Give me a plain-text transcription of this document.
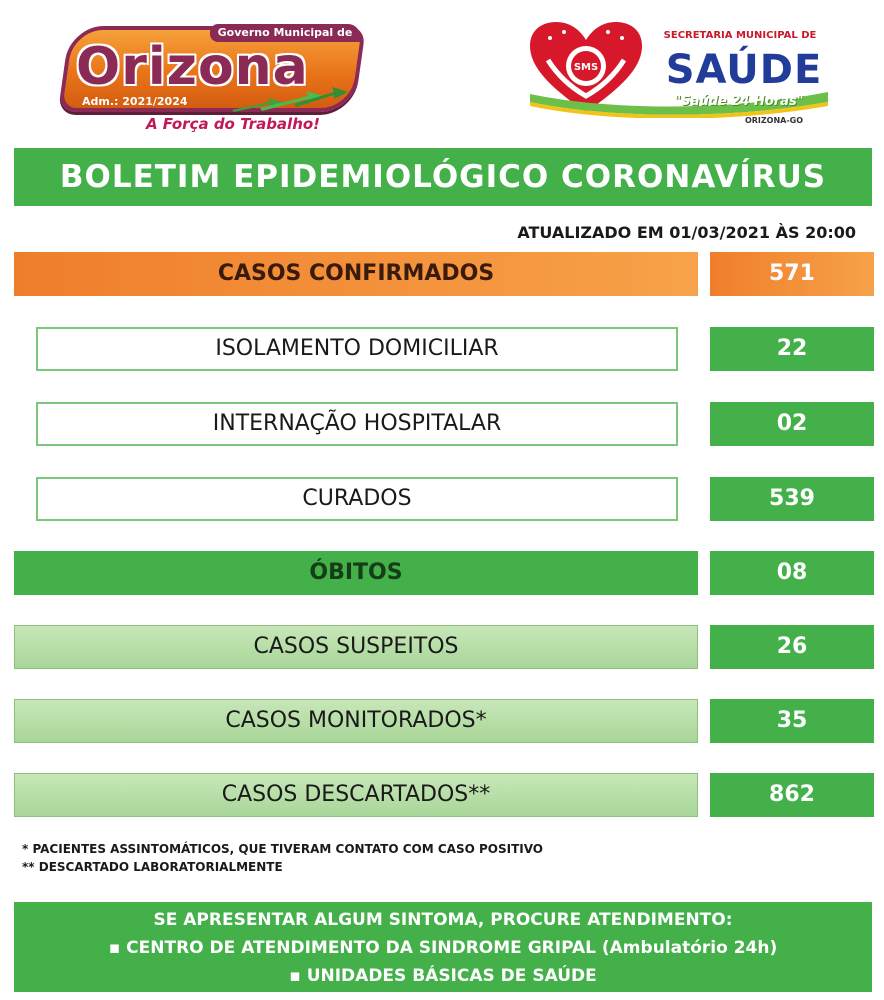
Governo Municipal de
Orizona
Adm.: 2021/2024
A Força do Trabalho!
SMS
SECRETARIA MUNICIPAL DE
SAÚDE
"Saúde 24 Horas"
ORIZONA-GO
BOLETIM EPIDEMIOLÓGICO CORONAVÍRUS
ATUALIZADO EM 01/03/2021 ÀS 20:00
CASOS CONFIRMADOS	571
ISOLAMENTO DOMICILIAR	22
INTERNAÇÃO HOSPITALAR	02
CURADOS	539
ÓBITOS	08
CASOS SUSPEITOS	26
CASOS MONITORADOS*	35
CASOS DESCARTADOS**	862
* PACIENTES ASSINTOMÁTICOS, QUE TIVERAM CONTATO COM CASO POSITIVO
** DESCARTADO LABORATORIALMENTE
SE APRESENTAR ALGUM SINTOMA, PROCURE ATENDIMENTO:
▪ CENTRO DE ATENDIMENTO DA SINDROME GRIPAL (Ambulatório 24h)
▪ UNIDADES BÁSICAS DE SAÚDE
